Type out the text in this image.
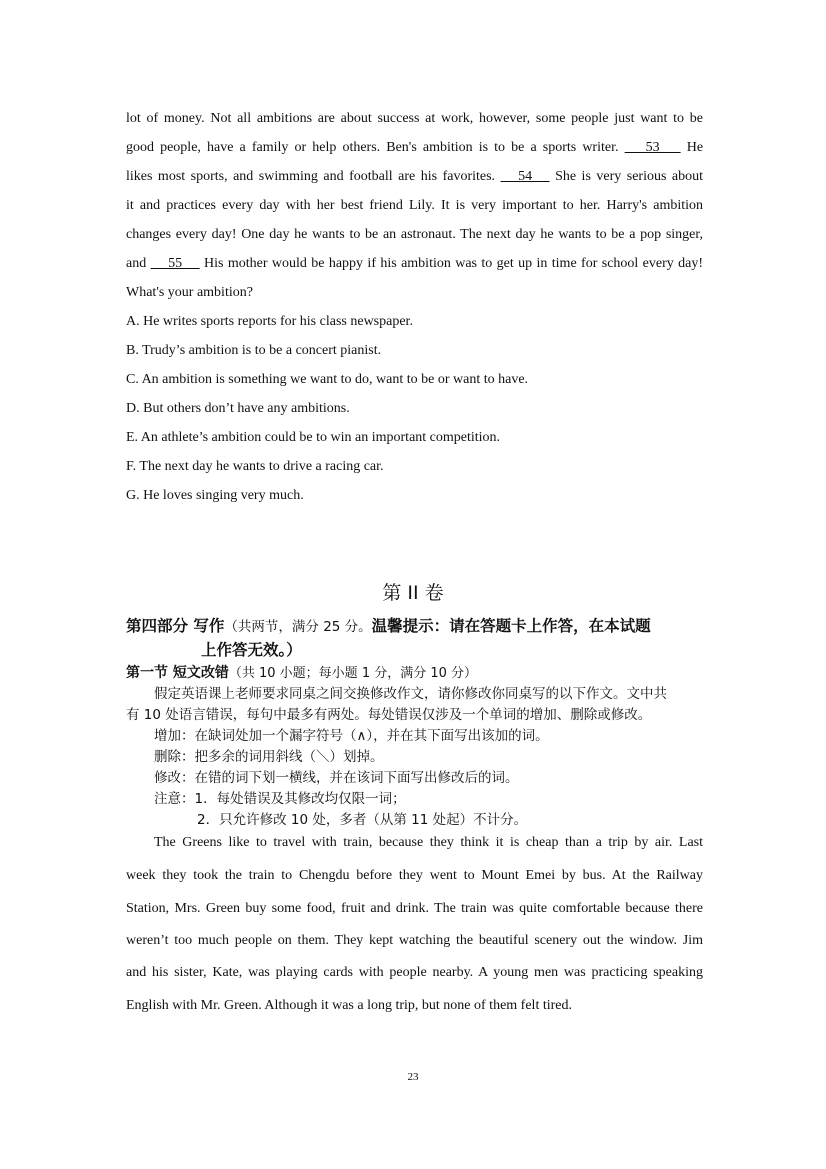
lot of money. Not all ambitions are about success at work, however, some people just want to be
good people, have a family or help others. Ben's ambition is to be a sports writer.       53       He
likes most sports, and swimming and football are his favorites.      54      She is very serious about
it and practices every day with her best friend Lily. It is very important to her. Harry's ambition
changes every day! One day he wants to be an astronaut. The next day he wants to be a pop singer,
and      55      His mother would be happy if his ambition was to get up in time for school every day!
What's your ambition?
A. He writes sports reports for his class newspaper.
B. Trudy’s ambition is to be a concert pianist.
C. An ambition is something we want to do, want to be or want to have.
D. But others don’t have any ambitions.
E. An athlete’s ambition could be to win an important competition.
F. The next day he wants to drive a racing car.
G. He loves singing very much.
第 II 卷
第四部分 写作（共两节，满分 25 分。温馨提示：请在答题卡上作答，在本试题
上作答无效。）
第一节 短文改错（共 10 小题；每小题 1 分，满分 10 分）
假定英语课上老师要求同桌之间交换修改作文，请你修改你同桌写的以下作文。文中共
有 10 处语言错误，每句中最多有两处。每处错误仅涉及一个单词的增加、删除或修改。
增加：在缺词处加一个漏字符号（∧），并在其下面写出该加的词。
删除：把多余的词用斜线（＼）划掉。
修改：在错的词下划一横线，并在该词下面写出修改后的词。
注意：1．每处错误及其修改均仅限一词；
2．只允许修改 10 处，多者（从第 11 处起）不计分。
The Greens like to travel with train, because they think it is cheap than a trip by air. Last
week they took the train to Chengdu before they went to Mount Emei by bus. At the Railway
Station, Mrs. Green buy some food, fruit and drink. The train was quite comfortable because there
weren’t too much people on them. They kept watching the beautiful scenery out the window. Jim
and his sister, Kate, was playing cards with people nearby. A young men was practicing speaking
English with Mr. Green. Although it was a long trip, but none of them felt tired.
23
